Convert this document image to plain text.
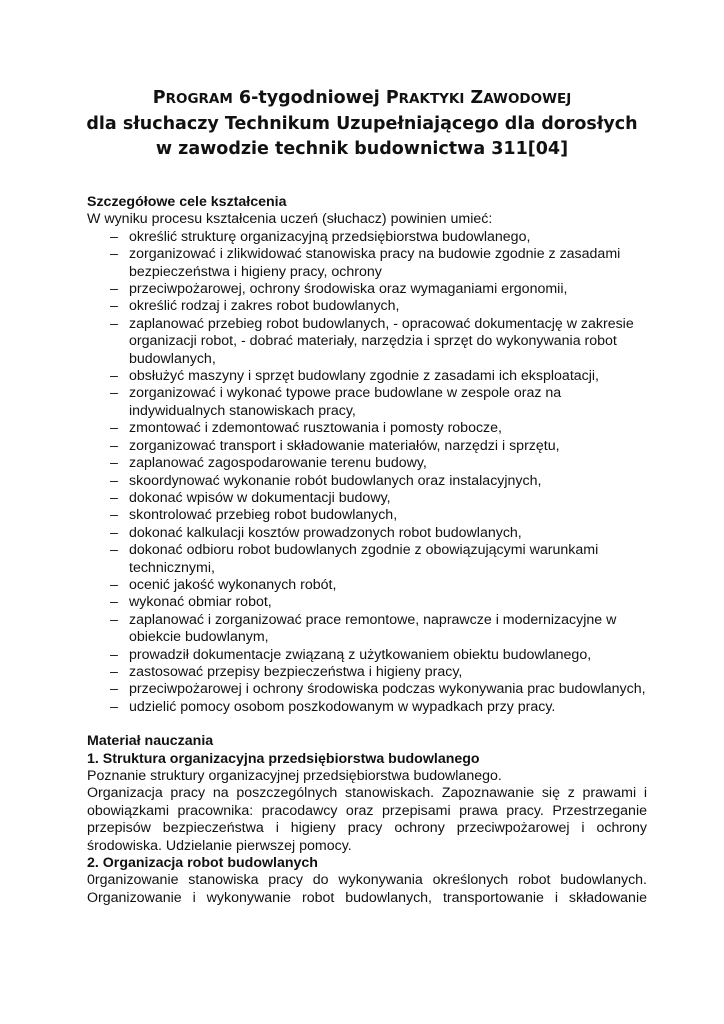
PROGRAM 6-tygodniowej PRAKTYKI ZAWODOWEJ
dla słuchaczy Technikum Uzupełniającego dla dorosłych
w zawodzie technik budownictwa 311[04]
Szczegółowe cele kształcenia
W wyniku procesu kształcenia uczeń (słuchacz) powinien umieć:
– określić strukturę organizacyjną przedsiębiorstwa budowlanego,
– zorganizować i zlikwidować stanowiska pracy na budowie zgodnie z zasadami bezpieczeństwa i higieny pracy, ochrony
– przeciwpożarowej, ochrony środowiska oraz wymaganiami ergonomii,
– określić rodzaj i zakres robot budowlanych,
– zaplanować przebieg robot budowlanych, - opracować dokumentację w zakresie organizacji robot, - dobrać materiały, narzędzia i sprzęt do wykonywania robot budowlanych,
– obsłużyć maszyny i sprzęt budowlany zgodnie z zasadami ich eksploatacji,
– zorganizować i wykonać typowe prace budowlane w zespole oraz na indywidualnych stanowiskach pracy,
– zmontować i zdemontować rusztowania i pomosty robocze,
– zorganizować transport i składowanie materiałów, narzędzi i sprzętu,
– zaplanować zagospodarowanie terenu budowy,
– skoordynować wykonanie robót budowlanych oraz instalacyjnych,
– dokonać wpisów w dokumentacji budowy,
– skontrolować przebieg robot budowlanych,
– dokonać kalkulacji kosztów prowadzonych robot budowlanych,
– dokonać odbioru robot budowlanych zgodnie z obowiązującymi warunkami technicznymi,
– ocenić jakość wykonanych robót,
– wykonać obmiar robot,
– zaplanować i zorganizować prace remontowe, naprawcze i modernizacyjne w obiekcie budowlanym,
– prowadził dokumentacje związaną z użytkowaniem obiektu budowlanego,
– zastosować przepisy bezpieczeństwa i higieny pracy,
– przeciwpożarowej i ochrony środowiska podczas wykonywania prac budowlanych,
– udzielić pomocy osobom poszkodowanym w wypadkach przy pracy.
Materiał nauczania
1. Struktura organizacyjna przedsiębiorstwa budowlanego
Poznanie struktury organizacyjnej przedsiębiorstwa budowlanego.
Organizacja pracy na poszczególnych stanowiskach. Zapoznawanie się z prawami i obowiązkami pracownika: pracodawcy oraz przepisami prawa pracy. Przestrzeganie przepisów bezpieczeństwa i higieny pracy ochrony przeciwpożarowej i ochrony środowiska. Udzielanie pierwszej pomocy.
2. Organizacja robot budowlanych
0rganizowanie stanowiska pracy do wykonywania określonych robot budowlanych. Organizowanie i wykonywanie robot budowlanych, transportowanie i składowanie
